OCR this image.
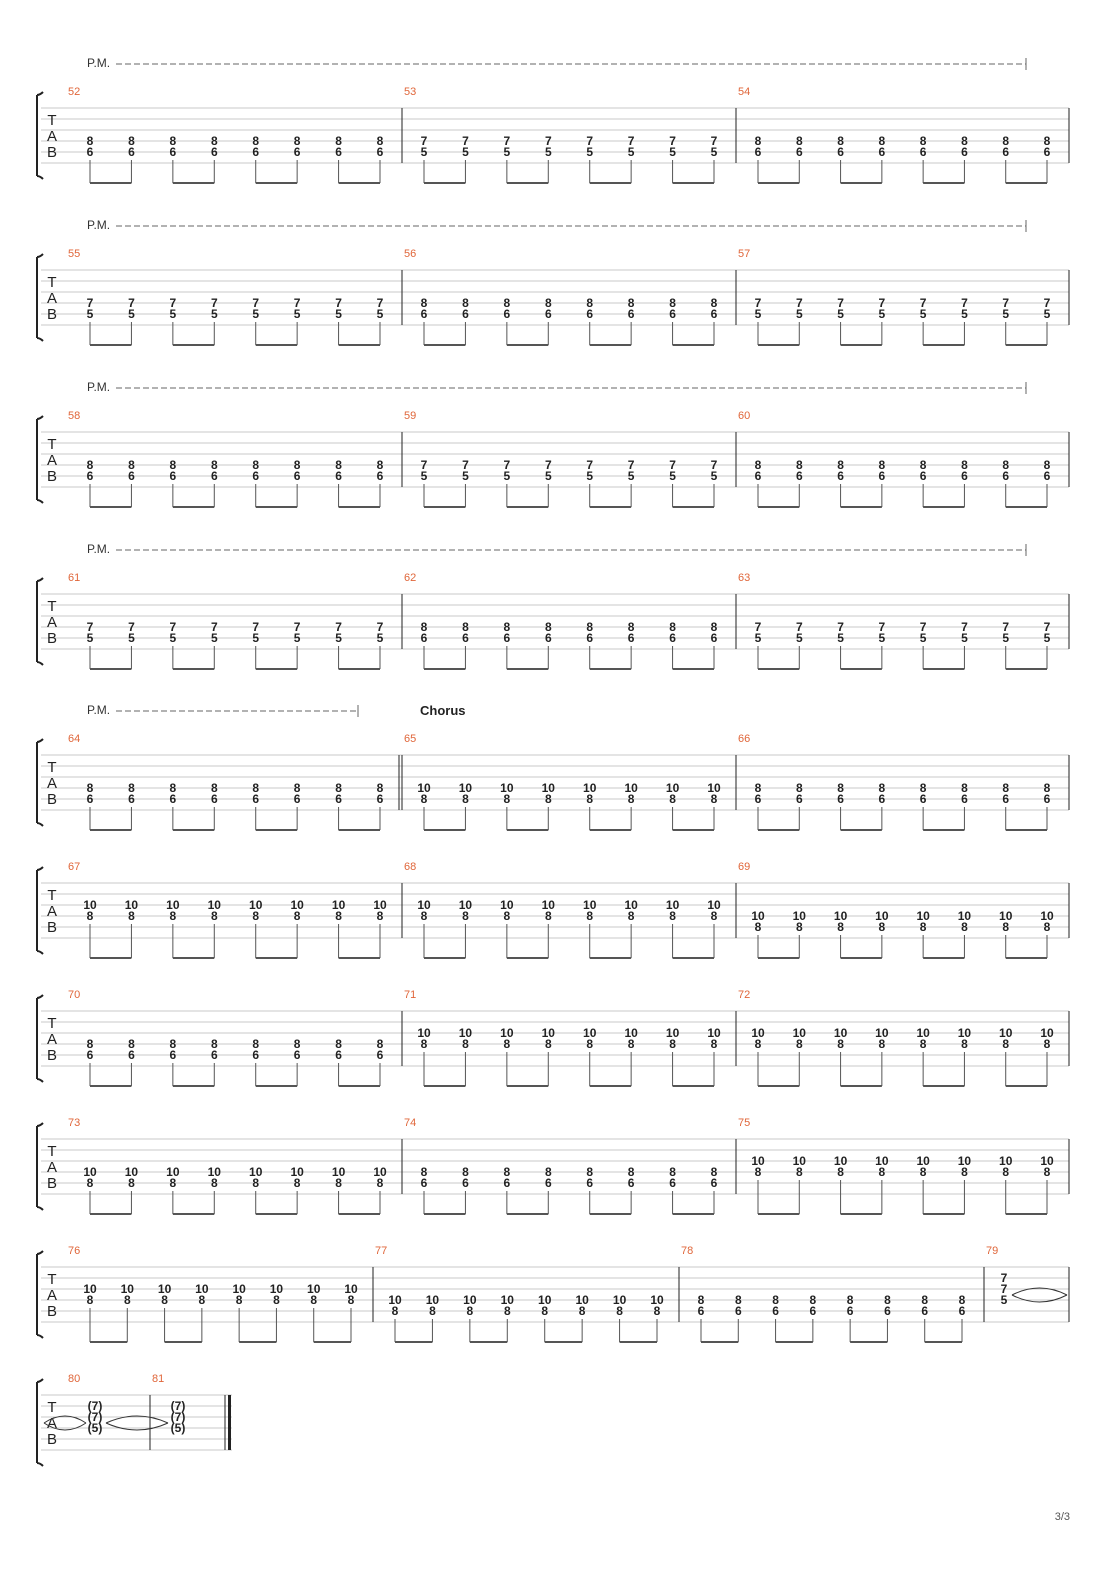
T
A
B
P.M.
52
8
6
8
6
8
6
8
6
8
6
8
6
8
6
8
6
53
7
5
7
5
7
5
7
5
7
5
7
5
7
5
7
5
54
8
6
8
6
8
6
8
6
8
6
8
6
8
6
8
6
T
A
B
P.M.
55
7
5
7
5
7
5
7
5
7
5
7
5
7
5
7
5
56
8
6
8
6
8
6
8
6
8
6
8
6
8
6
8
6
57
7
5
7
5
7
5
7
5
7
5
7
5
7
5
7
5
T
A
B
P.M.
58
8
6
8
6
8
6
8
6
8
6
8
6
8
6
8
6
59
7
5
7
5
7
5
7
5
7
5
7
5
7
5
7
5
60
8
6
8
6
8
6
8
6
8
6
8
6
8
6
8
6
T
A
B
P.M.
61
7
5
7
5
7
5
7
5
7
5
7
5
7
5
7
5
62
8
6
8
6
8
6
8
6
8
6
8
6
8
6
8
6
63
7
5
7
5
7
5
7
5
7
5
7
5
7
5
7
5
T
A
B
P.M.	Chorus
64
8
6
8
6
8
6
8
6
8
6
8
6
8
6
8
6
65
10
8
10
8
10
8
10
8
10
8
10
8
10
8
10
8
66
8
6
8
6
8
6
8
6
8
6
8
6
8
6
8
6
T
A
B
67
10
8
10
8
10
8
10
8
10
8
10
8
10
8
10
8
68
10
8
10
8
10
8
10
8
10
8
10
8
10
8
10
8
69
10
8
10
8
10
8
10
8
10
8
10
8
10
8
10
8
T
A
B
70
8
6
8
6
8
6
8
6
8
6
8
6
8
6
8
6
71
10
8
10
8
10
8
10
8
10
8
10
8
10
8
10
8
72
10
8
10
8
10
8
10
8
10
8
10
8
10
8
10
8
T
A
B
73
10
8
10
8
10
8
10
8
10
8
10
8
10
8
10
8
74
8
6
8
6
8
6
8
6
8
6
8
6
8
6
8
6
75
10
8
10
8
10
8
10
8
10
8
10
8
10
8
10
8
T
A
B
76
10
8
10
8
10
8
10
8
10
8
10
8
10
8
10
8
77
10
8
10
8
10
8
10
8
10
8
10
8
10
8
10
8
78
8
6
8
6
8
6
8
6
8
6
8
6
8
6
8
6
79
7
7
5
T
A
B
80
(7)
(7)
(5)
81
(7)
(7)
(5)
3/3
